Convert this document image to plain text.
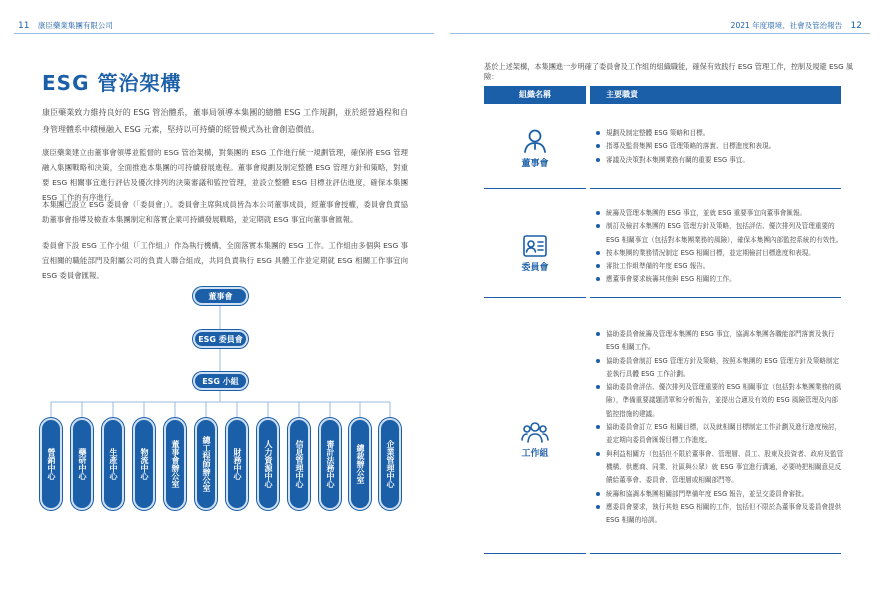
11 康臣藥業集團有限公司	2021 年度環境、社會及管治報告 12
ESG 管治架構

康臣藥業致力維持良好的 ESG 管治體系，董事局領導本集團的總體 ESG 工作規劃，並於經營過程和自身管理體系中積極融入 ESG 元素，堅持以可持續的經營模式為社會創造價值。

康臣藥業建立由董事會領導並監督的 ESG 管治架構，對集團的 ESG 工作進行統一規劃管理，確保將 ESG 管理融入集團戰略和決策，全面推進本集團的可持續發展進程。董事會規劃及制定整體 ESG 管理方針和策略，對重要 ESG 相關事宜進行評估及優次排列的決策審議和監控管理，並設立整體 ESG 目標並評估進度，確保本集團 ESG 工作的有序進行。

本集團已設立 ESG 委員會（「委員會」）。委員會主席與成員皆為本公司董事成員，經董事會授權，委員會負責協助董事會指導及檢查本集團制定和落實企業可持續發展戰略，並定期就 ESG 事宜向董事會匯報。

委員會下設 ESG 工作小組（「工作組」）作為執行機構，全面落實本集團的 ESG 工作。工作組由多個與 ESG 事宜相關的職能部門及附屬公司的負責人聯合組成，共同負責執行 ESG 具體工作並定期就 ESG 相關工作事宜向 ESG 委員會匯報。

董事會
ESG 委員會
ESG 小組
營銷中心	藥研中心	生產中心	物流中心	董事會辦公室	總工程師辦公室	財務中心	人力資源中心	信息管理中心	審計法務中心	總裁辦公室	企業管理中心

基於上述架構，本集團進一步明確了委員會及工作組的組織職能，確保有效践行 ESG 管理工作，控制及規避 ESG 風險：

組織名稱	主要職責
董事會
規劃及制定整體 ESG 策略和目標。
指導及監督集團 ESG 管理策略的落實、目標進度和表現。
審議及決策對本集團業務有關的重要 ESG 事宜。
委員會
統籌及管理本集團的 ESG 事宜，並就 ESG 重要事宜向董事會匯報。
制訂及檢討本集團的 ESG 管理方針及策略，包括評估、優次排列及管理重要的 ESG 相關事宜（包括對本集團業務的風險），確保本集團內部監控系統的有效性。
按本集團的業務情況制定 ESG 相關目標，並定期檢討目標進度和表現。
審批工作組準備的年度 ESG 報告。
應董事會要求統籌其他與 ESG 相關的工作。
工作組
協助委員會統籌及管理本集團的 ESG 事宜，協調本集團各職能部門落實及執行 ESG 相關工作。
協助委員會制訂 ESG 管理方針及策略，按照本集團的 ESG 管理方針及策略制定並執行具體 ESG 工作計劃。
協助委員會評估、優次排列及管理重要的 ESG 相關事宜（包括對本集團業務的風險），準備重要議題清單和分析報告，並提出合適及有效的 ESG 風險管理及內部監控措施的建議。
協助委員會訂立 ESG 相關目標，以及就相關目標制定工作計劃及進行進度檢討，並定期向委員會匯報目標工作進度。
與利益相關方（包括但不限於董事會、管理層、員工、股東及投資者、政府及監管機構、供應商、同業、社區與公眾）就 ESG 事宜進行溝通，必要時把相關意見反饋給董事會、委員會、管理層或相關部門等。
統籌和協調本集團相關部門準備年度 ESG 報告，並呈交委員會審批。
應委員會要求，執行其他 ESG 相關的工作，包括但不限於為董事會及委員會提供 ESG 相關的培訓。
